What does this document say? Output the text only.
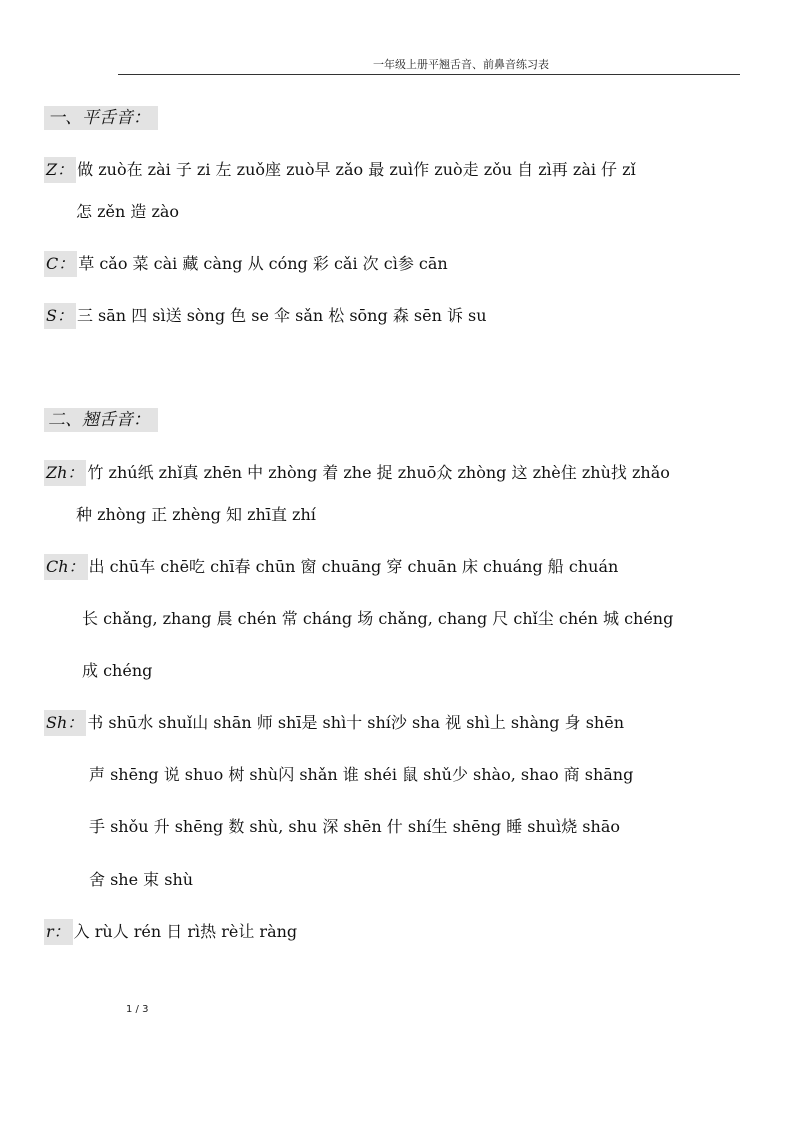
一年级上册平翘舌音、前鼻音练习表
一、平舌音：
Z： 做 zuò在 zài 子 zi 左 zuǒ座 zuò早 zǎo 最 zuì作 zuò走 zǒu 自 zì再 zài 仔 zǐ
怎 zěn 造 zào
C： 草 cǎo 菜 cài 藏 càng 从 cóng 彩 cǎi 次 cì参 cān
S： 三 sān 四 sì送 sòng 色 se 伞 sǎn 松 sōng 森 sēn 诉 su
二、翘舌音：
Zh： 竹 zhú纸 zhǐ真 zhēn 中 zhòng 着 zhe 捉 zhuō众 zhòng 这 zhè住 zhù找 zhǎo
种 zhòng 正 zhèng 知 zhī直 zhí
Ch： 出 chū车 chē吃 chī春 chūn 窗 chuāng 穿 chuān 床 chuáng 船 chuán
长 chǎng, zhang 晨 chén 常 cháng 场 chǎng, chang 尺 chǐ尘 chén 城 chéng
成 chéng
Sh： 书 shū水 shuǐ山 shān 师 shī是 shì十 shí沙 sha 视 shì上 shàng 身 shēn
声 shēng 说 shuo 树 shù闪 shǎn 谁 shéi 鼠 shǔ少 shào, shao 商 shāng
手 shǒu 升 shēng 数 shù, shu 深 shēn 什 shí生 shēng 睡 shuì烧 shāo
舍 she 束 shù
r： 入 rù人 rén 日 rì热 rè让 ràng
1 / 3
